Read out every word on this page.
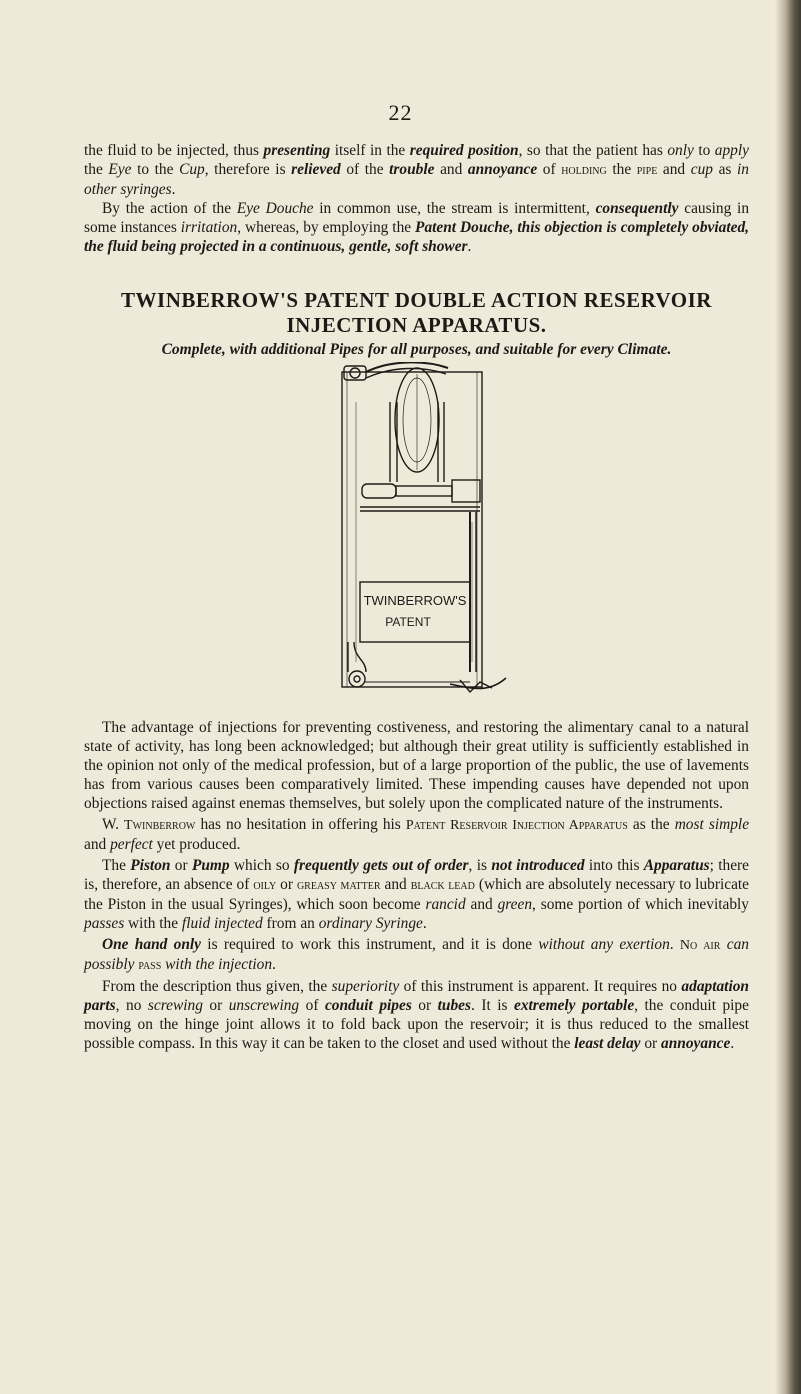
22

the fluid to be injected, thus presenting itself in the required position, so that the patient has only to apply the Eye to the Cup, therefore is relieved of the trouble and annoyance of holding the pipe and cup as in other syringes.

By the action of the Eye Douche in common use, the stream is intermittent, consequently causing in some instances irritation, whereas, by employing the Patent Douche, this objection is completely obviated, the fluid being projected in a continuous, gentle, soft shower.

TWINBERROW'S PATENT DOUBLE ACTION RESERVOIR INJECTION APPARATUS.
Complete, with additional Pipes for all purposes, and suitable for every Climate.
TWINBERROW'S
PATENT

The advantage of injections for preventing costiveness, and restoring the alimentary canal to a natural state of activity, has long been acknowledged; but although their great utility is sufficiently established in the opinion not only of the medical profession, but of a large proportion of the public, the use of lavements has from various causes been comparatively limited. These impending causes have depended not upon objections raised against enemas themselves, but solely upon the complicated nature of the instruments.

W. Twinberrow has no hesitation in offering his Patent Reservoir Injection Apparatus as the most simple and perfect yet produced.

The Piston or Pump which so frequently gets out of order, is not introduced into this Apparatus; there is, therefore, an absence of oily or greasy matter and black lead (which are absolutely necessary to lubricate the Piston in the usual Syringes), which soon become rancid and green, some portion of which inevitably passes with the fluid injected from an ordinary Syringe.

One hand only is required to work this instrument, and it is done without any exertion. No air can possibly pass with the injection.

From the description thus given, the superiority of this instrument is apparent. It requires no adaptation parts, no screwing or unscrewing of conduit pipes or tubes. It is extremely portable, the conduit pipe moving on the hinge joint allows it to fold back upon the reservoir; it is thus reduced to the smallest possible compass. In this way it can be taken to the closet and used without the least delay or annoyance.
